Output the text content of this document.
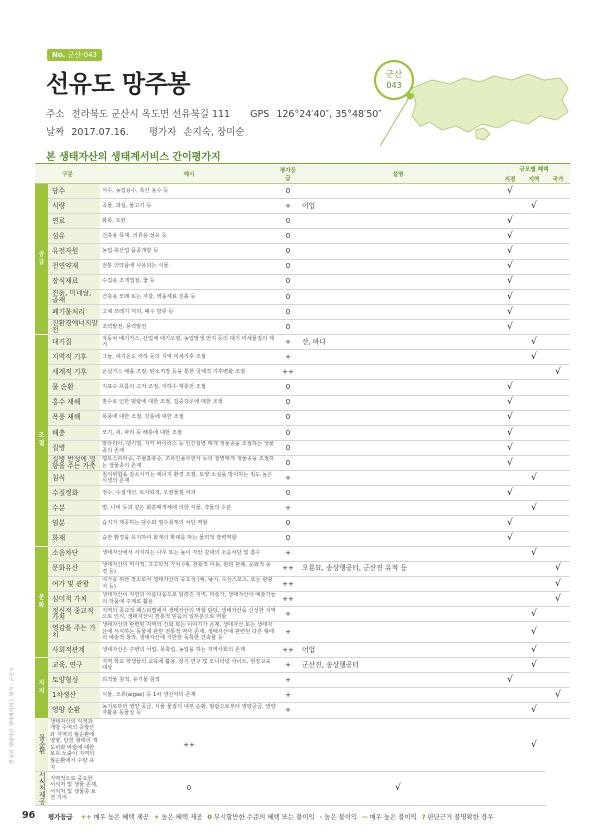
한국의 생태자산 생태계서비스 평가 - 군산시
No. 군산-043
선유도 망주봉
주소 전라북도 군산시 옥도면 선유북길 111 GPS 126°24′40″, 35°48′50″
날짜 2017.07.16. 평가자 손지숙, 장미순
군산
043
본 생태자산의 생태계서비스 간이평가지
구분		예시	평가등급	설명	규모별 혜택
지점 지역 국가		

공급	담수	식수, 농업용수, 축산 용수 등	0		√		
	식량	곡물, 과실, 물고기 등	+	어업		√	
	연료	화목, 토탄	0		√		
	섬유	건축용 목재, 의류용 섬유 등	0		√		
	유전자원	농업·축산업 품종개량 등	0		√		
	천연약재	전통 의약품에 사용되는 식물	0		√		
	장식재료	수집용 조개껍질, 꽃 등	0		√		
	진흙, 미네랄, 골재	건축용 모래 또는 자갈, 벽돌재료 진흙 등	0		√		
	폐기물처리	고체 쓰레기 처리, 폐수 방류 등	0		√		
	친환경에너지발전	조력발전, 풍력발전	0		√		
조절	대기질	자동차 배기가스, 산업체 대기오염, 농업말생 먼지 등의 대기 미세물질의 제거	+	산, 바다		√	
	지역적 기후	그늘, 대기온도 저하 등의 지역 미세기후 조절	+			√	
	세계적 기후	온실가스 배출 조절: 탄소저장 등을 통한 국제적 기후변화 조절	++				√
	물 순환	지표수 흐름의 고저 조절, 지하수 재충전 조절	0		√		
	홍수 재해	홍수로 인한 범람에 대한 조절, 집중강우에 대한 조절	0		√		
	폭풍 재해	폭풍에 대한 조절, 강풍에 대한 조절	0		√		
	해충	모기, 쥐, 파리 등 해충에 대한 조절	0		√		
	질병	말라리아, 뎅기열, 지카 바이러스 등 인간질병 매개 생물종을 조절하는 생물종의 존재	0		√		
	질병 번성에 영향을 주는 가축	렙토스피라증, 주혈흡충증, 조류인플루엔자 등의 질병매개 생물종을 조절하는 생물종의 존재	0		√		
	침식	침식위험을 감소시키는 에너지 환경 조절, 토양 소실을 방어하는 일도 높은 식생의 존재	+			√	
	수질정화	정수, 수질개선, 토사퇴적, 오염물질 여과	0		√		
	수분	벌, 나비 등과 같은 화분매개체에 의한 식물, 작물의 수분	+			√	
	염분	습지가 제공하는 담수와 염수침투의 차단 역할	0		√		
	화재	습한 환경을 유지하여 화재의 확대를 막는 물리적 장벽역할	0		√		
문화	소음차단	생태자산에서 서식하는 나무 또는 높이 자란 갈대의 소음차단 및 흡수	+			√	
	문화유산	생태자산의 역사적, 고고학적 가치 (예, 전통적 이용, 관리 관례, 문화적 풍경 등)	++	오룡묘, 송상행공터, 군산진 유적 등			√
	여가 및 관광	여가를 위한 장소로서 생태자산의 중요성 (예, 낚시, 수상스포츠, 또는 관광지 등)	++				√
	심미적 가치	생태자산이 자연의 아름다움으로 알려진 지역, 미술가, 생태자산이 예술가들의 작품에 주제로 활용	++				√
	정신적 종교적 가치	지역의 종교적 페스티벌에서 생태자산의 역할 담당, 생태자산을 신성한 지역으로 인식, 생태자산이 전통적 믿음의 일부분으로 역할	+			√	
	영감을 주는 가치	생태자산과 관련된 지역의 신화 또는 이야기가 존재, 생태자산 또는 생태자산에 서식하는 동물에 관한 전통적 역사 존재, 생태자산에 관련된 다른 형태의 예술적 창작, 생태자산에 기반한 독특한 건축물 등	+			√	
	사회적관계	생태자산은 주변의 어업, 목축업, 농업을 하는 지역사회의 존재	++	어업		√	
지지	교육, 연구	지역 학교 학생들의 교육에 활용, 장기 연구 및 모니터링 사이트, 현장교육 대상	+	군산진, 송상행공터		√	
	토양형성	퇴적물 침적, 유기물 침적	+		√		
	1차생산	식물, 조류(algae) 등 1차 생산자의 존재	+				√
	영양 순환	농지로부터 영양 공급, 식물 물질의 내부 순환, 범람으로부터 영양공급, 영양 자활용 동물상 등	+			√	
물 순환	생태자산의 식생과 개방 수역의 증발산과 지역의 월순환에 영향, 단헌 형태의 개도피와 바람에 대한 보호 노출이 지역의 월순환에서 수량 유지	++				√	
서식처 제공	지역적으로 중요한 서식처 및 생물 존재, 서식처 및 생물종 보전 기여	0		√			
96 평가등급 ++ 매우 높은 혜택 제공 + 높은 혜택 제공 0 무시할만한 수준의 혜택 또는 불이익 - 높은 불이익 -- 매우 높은 불이익 ? 판단근거 불명확한 경우
